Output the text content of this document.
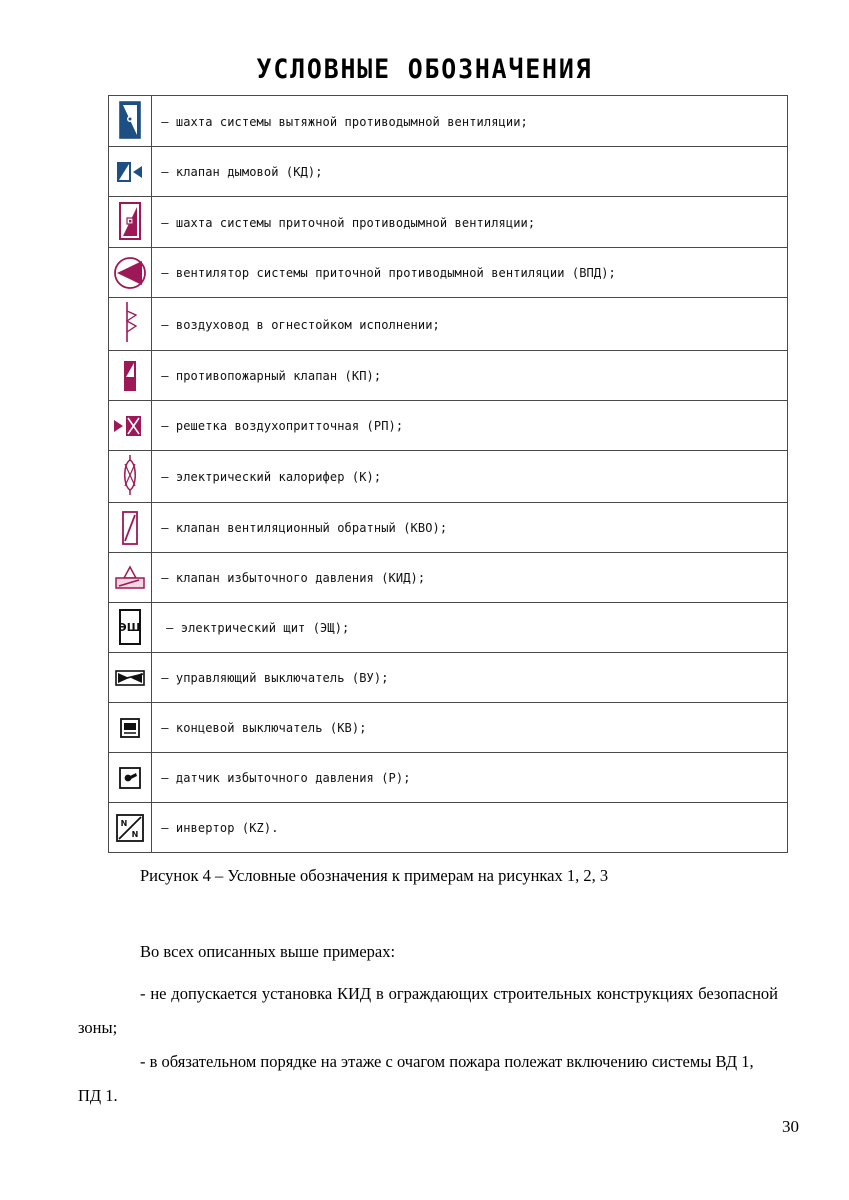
УСЛОВНЫЕ ОБОЗНАЧЕНИЯ
	– шахта системы вытяжной противодымной вентиляции;

	– клапан дымовой (КД);

	– шахта системы приточной противодымной вентиляции;

	– вентилятор системы приточной противодымной вентиляции (ВПД);

	– воздуховод в огнестойком исполнении;

	– противопожарный клапан (КП);

	– решетка воздухопритточная (РП);

	– электрический калорифер (К);

	– клапан вентиляционный обратный (КВО);

	– клапан избыточного давления (КИД);

ЭЩ	– электрический щит (ЭЩ);

	– управляющий выключатель (ВУ);

	– концевой выключатель (КВ);

	– датчик избыточного давления (Р);

N
N	– инвертор (KZ).
Рисунок 4 – Условные обозначения к примерам на рисунках 1, 2, 3

Во всех описанных выше примерах:

- не допускается установка КИД в ограждающих строительных конструкциях безопасной зоны;

- в обязательном порядке на этаже с очагом пожара полежат включению системы ВД 1, ПД 1.

30
